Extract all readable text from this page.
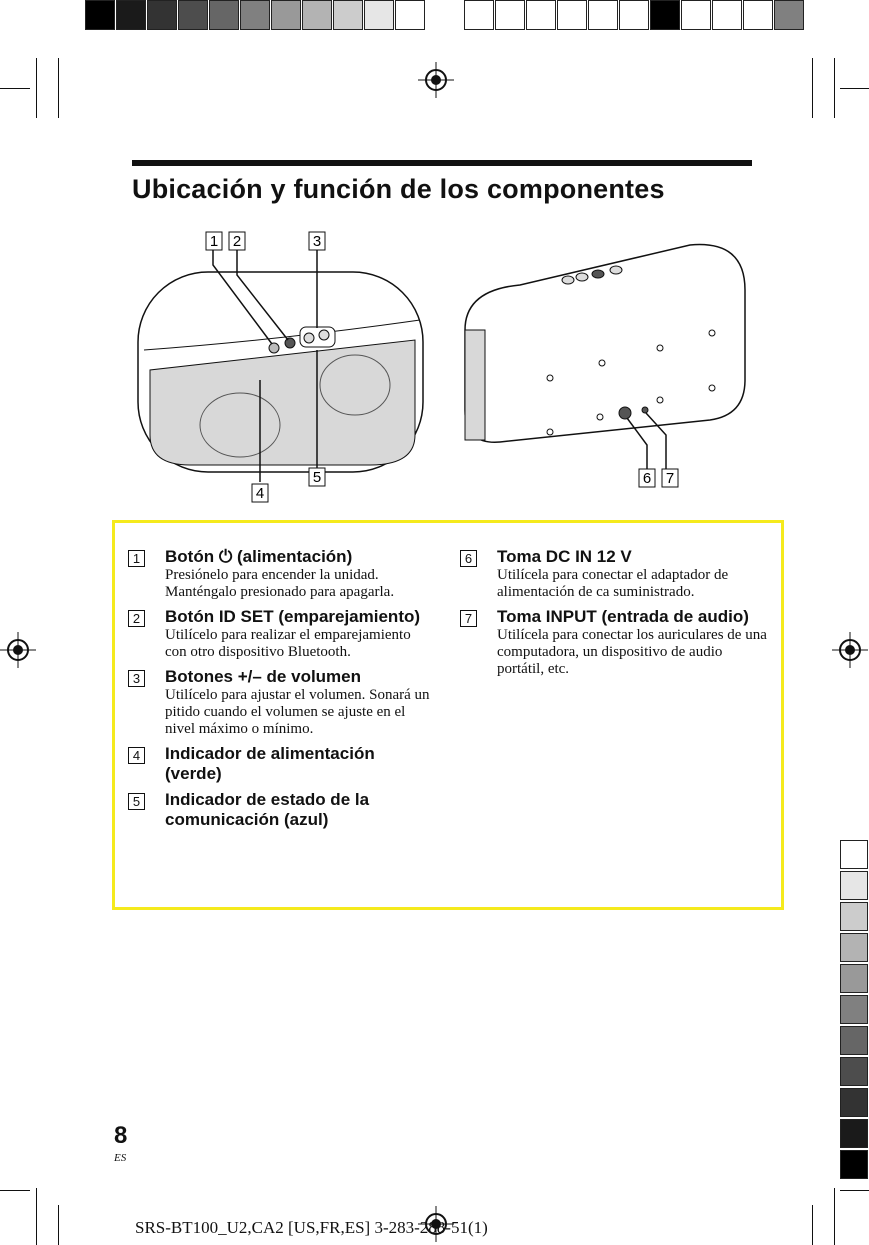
Ubicación y función de los componentes
1 2	3
4
5	6 7
1 Botón ⏻ (alimentación)
Presiónelo para encender la unidad. Manténgalo presionado para apagarla.
2 Botón ID SET (emparejamiento)
Utilícelo para realizar el emparejamiento con otro dispositivo Bluetooth.
3 Botones +/– de volumen
Utilícelo para ajustar el volumen. Sonará un pitido cuando el volumen se ajuste en el nivel máximo o mínimo.
4 Indicador de alimentación (verde)
5 Indicador de estado de la comunicación (azul)
6 Toma DC IN 12 V
Utilícela para conectar el adaptador de alimentación de ca suministrado.
7 Toma INPUT (entrada de audio)
Utilícela para conectar los auriculares de una computadora, un dispositivo de audio portátil, etc.
8
ES
SRS-BT100_U2,CA2 [US,FR,ES] 3-283-288-51(1)
